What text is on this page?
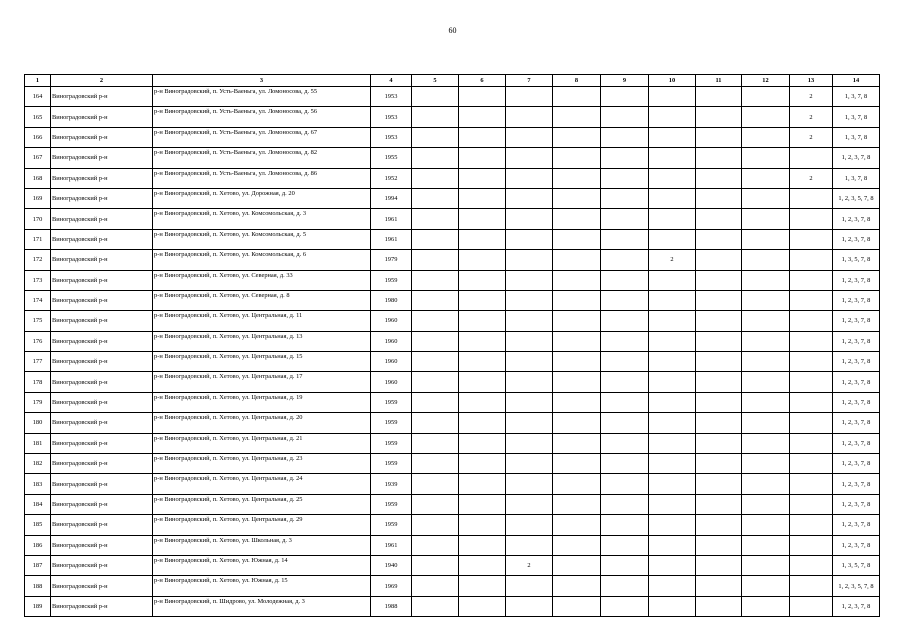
60
1	2	3	4	5	6	7	8	9	10	11	12	13	14
164	Виноградовский р-н	р-н Виноградовский, п. Усть-Ваеньга, ул. Ломоносова, д. 55	1953									2	1, 3, 7, 8
165	Виноградовский р-н	р-н Виноградовский, п. Усть-Ваеньга, ул. Ломоносова, д. 56	1953									2	1, 3, 7, 8
166	Виноградовский р-н	р-н Виноградовский, п. Усть-Ваеньга, ул. Ломоносова, д. 67	1953									2	1, 3, 7, 8
167	Виноградовский р-н	р-н Виноградовский, п. Усть-Ваеньга, ул. Ломоносова, д. 82	1955										1, 2, 3, 7, 8
168	Виноградовский р-н	р-н Виноградовский, п. Усть-Ваеньга, ул. Ломоносова, д. 86	1952									2	1, 3, 7, 8
169	Виноградовский р-н	р-н Виноградовский, п. Хетово, ул. Дорожная, д. 20	1994										1, 2, 3, 5, 7, 8
170	Виноградовский р-н	р-н Виноградовский, п. Хетово, ул. Комсомольская, д. 3	1961										1, 2, 3, 7, 8
171	Виноградовский р-н	р-н Виноградовский, п. Хетово, ул. Комсомольская, д. 5	1961										1, 2, 3, 7, 8
172	Виноградовский р-н	р-н Виноградовский, п. Хетово, ул. Комсомольская, д. 6	1979						2				1, 3, 5, 7, 8
173	Виноградовский р-н	р-н Виноградовский, п. Хетово, ул. Северная, д. 33	1959										1, 2, 3, 7, 8
174	Виноградовский р-н	р-н Виноградовский, п. Хетово, ул. Северная, д. 8	1980										1, 2, 3, 7, 8
175	Виноградовский р-н	р-н Виноградовский, п. Хетово, ул. Центральная, д. 11	1960										1, 2, 3, 7, 8
176	Виноградовский р-н	р-н Виноградовский, п. Хетово, ул. Центральная, д. 13	1960										1, 2, 3, 7, 8
177	Виноградовский р-н	р-н Виноградовский, п. Хетово, ул. Центральная, д. 15	1960										1, 2, 3, 7, 8
178	Виноградовский р-н	р-н Виноградовский, п. Хетово, ул. Центральная, д. 17	1960										1, 2, 3, 7, 8
179	Виноградовский р-н	р-н Виноградовский, п. Хетово, ул. Центральная, д. 19	1959										1, 2, 3, 7, 8
180	Виноградовский р-н	р-н Виноградовский, п. Хетово, ул. Центральная, д. 20	1959										1, 2, 3, 7, 8
181	Виноградовский р-н	р-н Виноградовский, п. Хетово, ул. Центральная, д. 21	1959										1, 2, 3, 7, 8
182	Виноградовский р-н	р-н Виноградовский, п. Хетово, ул. Центральная, д. 23	1959										1, 2, 3, 7, 8
183	Виноградовский р-н	р-н Виноградовский, п. Хетово, ул. Центральная, д. 24	1939										1, 2, 3, 7, 8
184	Виноградовский р-н	р-н Виноградовский, п. Хетово, ул. Центральная, д. 25	1959										1, 2, 3, 7, 8
185	Виноградовский р-н	р-н Виноградовский, п. Хетово, ул. Центральная, д. 29	1959										1, 2, 3, 7, 8
186	Виноградовский р-н	р-н Виноградовский, п. Хетово, ул. Школьная, д. 3	1961										1, 2, 3, 7, 8
187	Виноградовский р-н	р-н Виноградовский, п. Хетово, ул. Южная, д. 14	1940			2							1, 3, 5, 7, 8
188	Виноградовский р-н	р-н Виноградовский, п. Хетово, ул. Южная, д. 15	1969										1, 2, 3, 5, 7, 8
189	Виноградовский р-н	р-н Виноградовский, п. Шидрово, ул. Молодежная, д. 3	1988										1, 2, 3, 7, 8
